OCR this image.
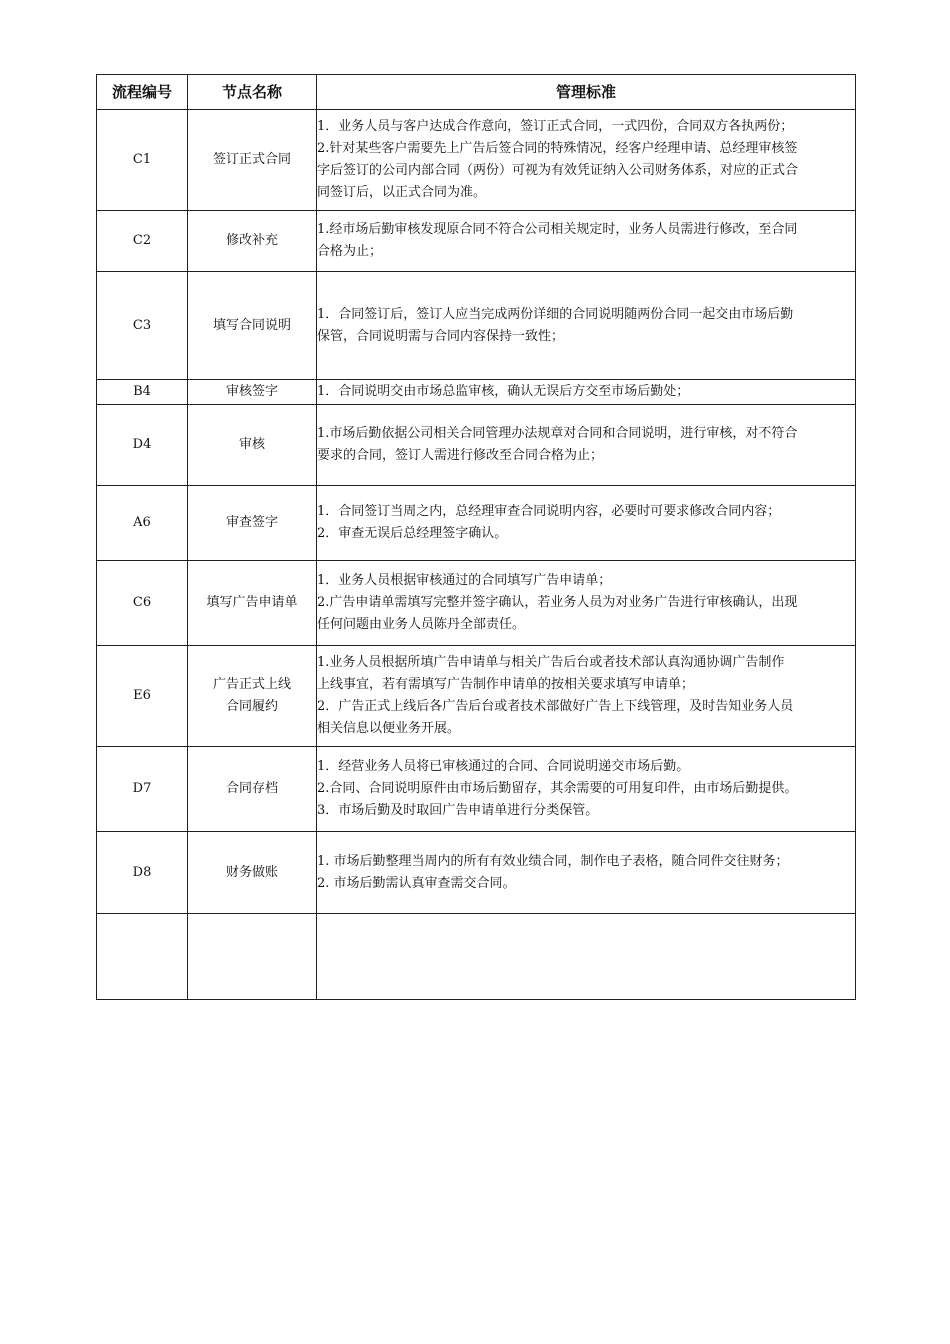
流程编号	节点名称	管理标准
C1	签订正式合同	1．业务人员与客户达成合作意向，签订正式合同，一式四份，合同双方各执两份；
2.针对某些客户需要先上广告后签合同的特殊情况，经客户经理申请、总经理审核签
字后签订的公司内部合同（两份）可视为有效凭证纳入公司财务体系，对应的正式合
同签订后，以正式合同为准。

C2	修改补充	1.经市场后勤审核发现原合同不符合公司相关规定时，业务人员需进行修改，至合同
合格为止；

C3	填写合同说明	1．合同签订后，签订人应当完成两份详细的合同说明随两份合同一起交由市场后勤
保管，合同说明需与合同内容保持一致性；

B4	审核签字	1．合同说明交由市场总监审核，确认无误后方交至市场后勤处；

D4	审核	1.市场后勤依据公司相关合同管理办法规章对合同和合同说明，进行审核，对不符合
要求的合同，签订人需进行修改至合同合格为止；

A6	审查签字	1．合同签订当周之内，总经理审查合同说明内容，必要时可要求修改合同内容；
2．审查无误后总经理签字确认。

C6	填写广告申请单	1．业务人员根据审核通过的合同填写广告申请单；
2.广告申请单需填写完整并签字确认，若业务人员为对业务广告进行审核确认，出现
任何问题由业务人员陈丹全部责任。

E6	广告正式上线
合同履约	1.业务人员根据所填广告申请单与相关广告后台或者技术部认真沟通协调广告制作
上线事宜，若有需填写广告制作申请单的按相关要求填写申请单；
2．广告正式上线后各广告后台或者技术部做好广告上下线管理，及时告知业务人员
相关信息以便业务开展。

D7	合同存档	1．经营业务人员将已审核通过的合同、合同说明递交市场后勤。
2.合同、合同说明原件由市场后勤留存，其余需要的可用复印件，由市场后勤提供。
3．市场后勤及时取回广告申请单进行分类保管。

D8	财务做账	1. 市场后勤整理当周内的所有有效业绩合同，制作电子表格，随合同件交往财务；
2. 市场后勤需认真审查需交合同。
